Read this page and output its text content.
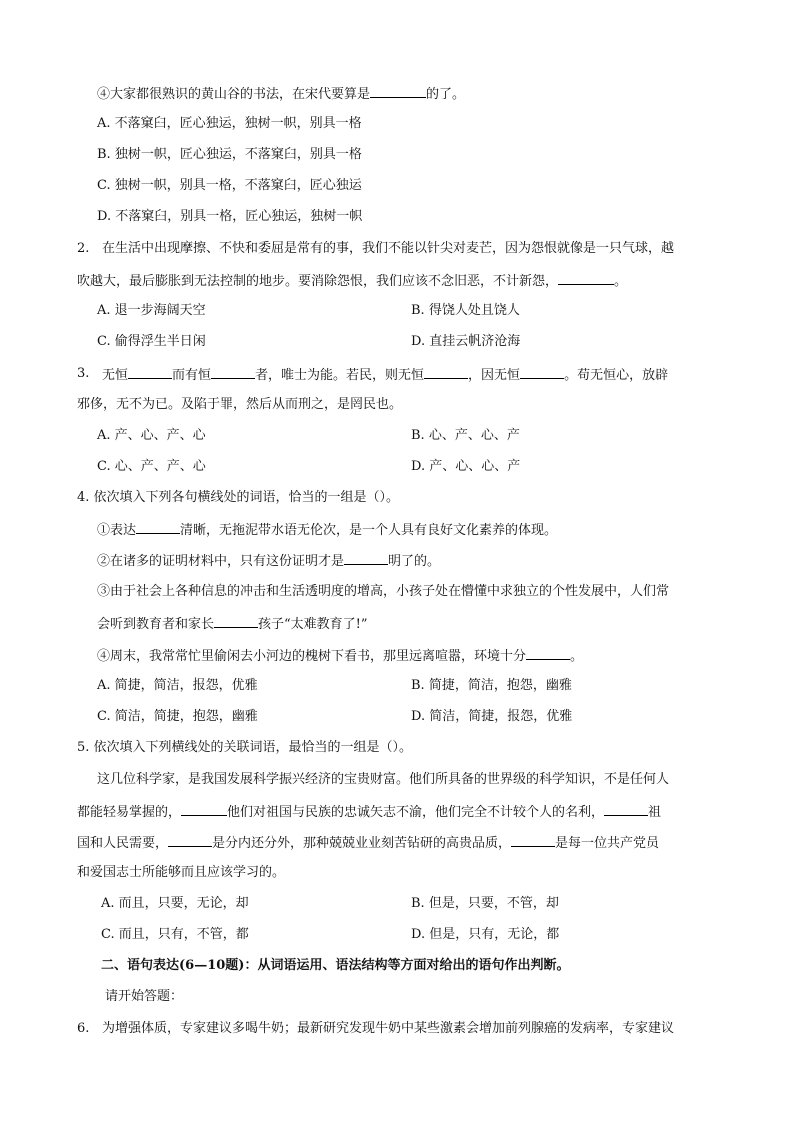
④大家都很熟识的黄山谷的书法，在宋代要算是	的了。
A. 不落窠臼，匠心独运，独树一帜，别具一格
B. 独树一帜，匠心独运，不落窠臼，别具一格
C. 独树一帜，别具一格，不落窠臼，匠心独运
D. 不落窠臼，别具一格，匠心独运，独树一帜
2. 在生活中出现摩擦、不快和委屈是常有的事，我们不能以针尖对麦芒，因为怨恨就像是一只气球，越
吹越大，最后膨胀到无法控制的地步。要消除怨恨，我们应该不念旧恶，不计新怨，	。
A. 退一步海阔天空	B. 得饶人处且饶人
C. 偷得浮生半日闲	D. 直挂云帆济沧海
3. 无恒	而有恒	者，唯士为能。若民，则无恒	，因无恒	。苟无恒心，放辟
邪侈，无不为已。及陷于罪，然后从而刑之，是罔民也。
A. 产、心、产、心	B. 心、产、心、产
C. 心、产、产、心	D. 产、心、心、产
4. 依次填入下列各句横线处的词语，恰当的一组是（）。
①表达	清晰，无拖泥带水语无伦次，是一个人具有良好文化素养的体现。
②在诸多的证明材料中，只有这份证明才是	明了的。
③由于社会上各种信息的冲击和生活透明度的增高，小孩子处在懵懂中求独立的个性发展中，人们常
会听到教育者和家长	孩子“太难教育了!”
④周末，我常常忙里偷闲去小河边的槐树下看书，那里远离喧嚣，环境十分	。
A. 简捷，简洁，报怨，优雅	B. 简捷，简洁，抱怨，幽雅
C. 简洁，简捷，抱怨，幽雅	D. 简洁，简捷，报怨，优雅
5. 依次填入下列横线处的关联词语，最恰当的一组是（）。
这几位科学家，是我国发展科学振兴经济的宝贵财富。他们所具备的世界级的科学知识，不是任何人
都能轻易掌握的，	他们对祖国与民族的忠诚矢志不渝，他们完全不计较个人的名利，	祖
国和人民需要，	是分内还分外，那种兢兢业业刻苦钻研的高贵品质，	是每一位共产党员
和爱国志士所能够而且应该学习的。
A. 而且，只要，无论，却	B. 但是，只要，不管，却
C. 而且，只有，不管，都	D. 但是，只有，无论，都
二、语句表达(6—10题)：从词语运用、语法结构等方面对给出的语句作出判断。
请开始答题：
6. 为增强体质，专家建议多喝牛奶；最新研究发现牛奶中某些激素会增加前列腺癌的发病率，专家建议
